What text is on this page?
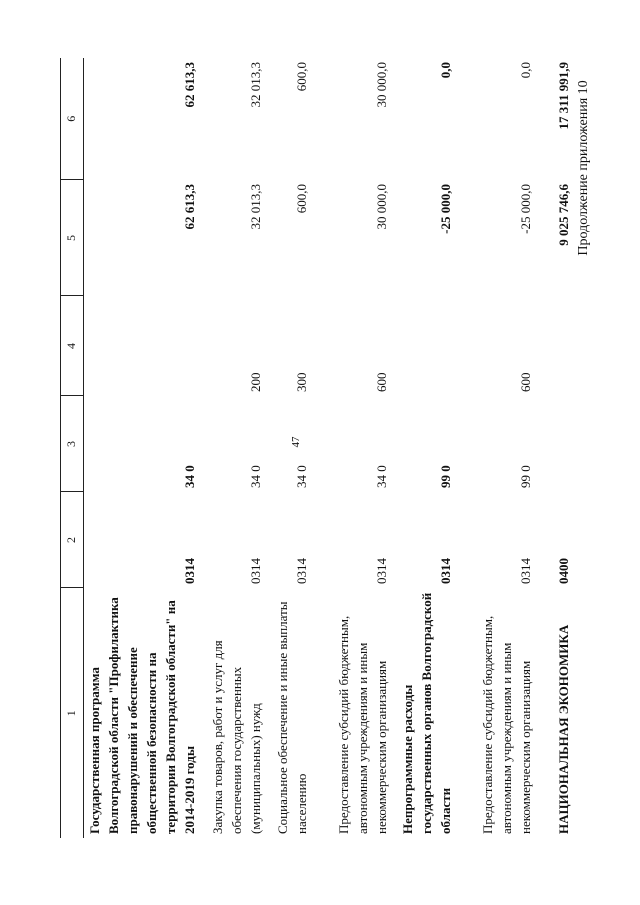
47
Продолжение приложения 10
1	2	3	4	5	6
Государственная программа Волгоградской области "Профилактика правонарушений и обеспечение общественной безопасности на территории Волгоградской области" на 2014-2019 годы	0314	34 0		62 613,3	62 613,3
Закупка товаров, работ и услуг для обеспечения государственных (муниципальных) нужд	0314	34 0	200	32 013,3	32 013,3
Социальное обеспечение и иные выплаты населению	0314	34 0	300	600,0	600,0
Предоставление субсидий бюджетным, автономным учреждениям и иным некоммерческим организациям	0314	34 0	600	30 000,0	30 000,0
Непрограммные расходы государственных органов Волгоградской области	0314	99 0		-25 000,0	0,0
Предоставление субсидий бюджетным, автономным учреждениям и иным некоммерческим организациям	0314	99 0	600	-25 000,0	0,0
НАЦИОНАЛЬНАЯ ЭКОНОМИКА	0400			9 025 746,6	17 311 991,9
